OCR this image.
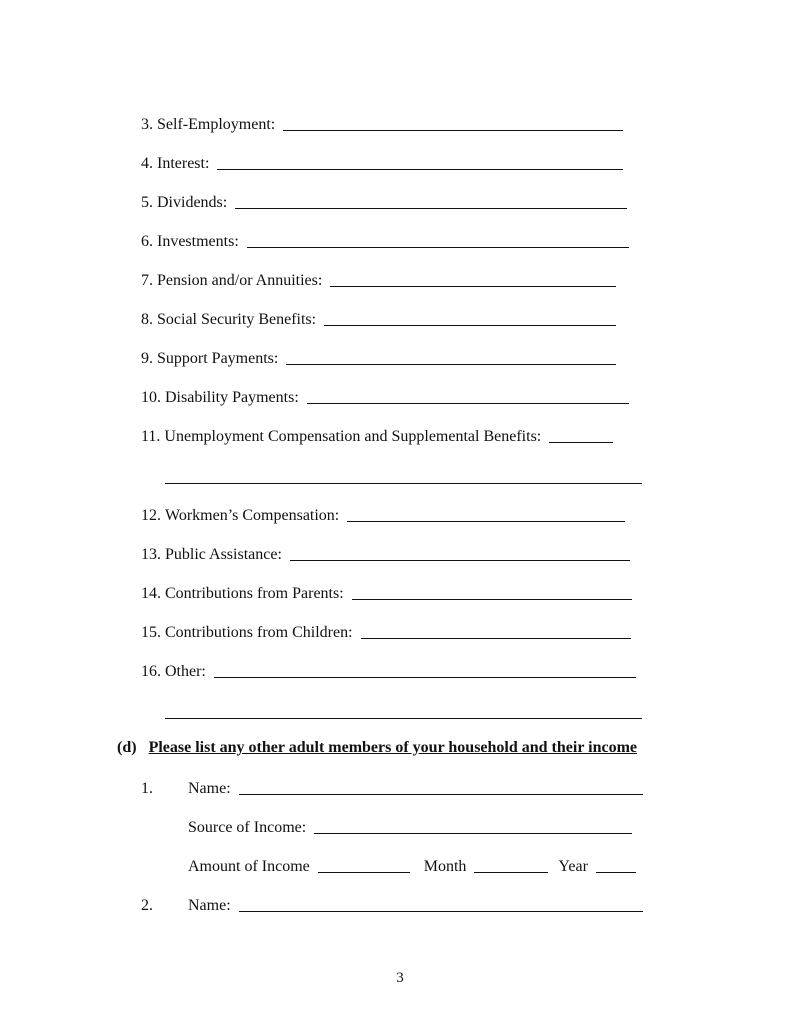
3. Self-Employment:
4. Interest:
5. Dividends:
6. Investments:
7. Pension and/or Annuities:
8. Social Security Benefits:
9. Support Payments:
10. Disability Payments:
11. Unemployment Compensation and Supplemental Benefits:
12. Workmen’s Compensation:
13. Public Assistance:
14. Contributions from Parents:
15. Contributions from Children:
16. Other:
(d) Please list any other adult members of your household and their income
1.	Name:
Source of Income:
Amount of Income	Month	Year
2.	Name:
3
